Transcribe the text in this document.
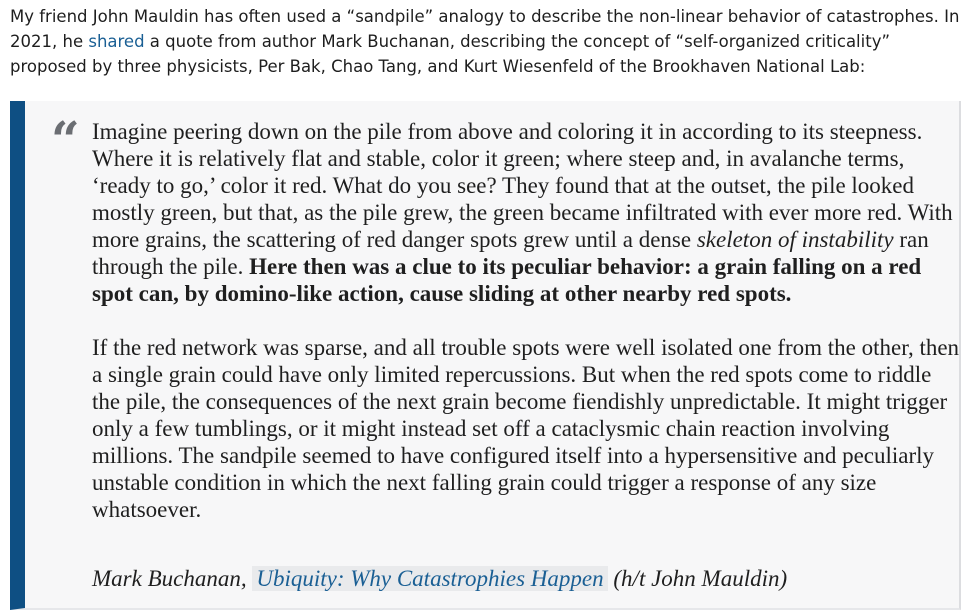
My friend John Mauldin has often used a “sandpile” analogy to describe the non-linear behavior of catastrophes. In 2021, he shared a quote from author Mark Buchanan, describing the concept of “self-organized criticality” proposed by three physicists, Per Bak, Chao Tang, and Kurt Wiesenfeld of the Brookhaven National Lab:

“ Imagine peering down on the pile from above and coloring it in according to its steepness. Where it is relatively flat and stable, color it green; where steep and, in avalanche terms, ‘ready to go,’ color it red. What do you see? They found that at the outset, the pile looked mostly green, but that, as the pile grew, the green became infiltrated with ever more red. With more grains, the scattering of red danger spots grew until a dense skeleton of instability ran through the pile. Here then was a clue to its peculiar behavior: a grain falling on a red spot can, by domino-like action, cause sliding at other nearby red spots.

If the red network was sparse, and all trouble spots were well isolated one from the other, then a single grain could have only limited repercussions. But when the red spots come to riddle the pile, the consequences of the next grain become fiendishly unpredictable. It might trigger only a few tumblings, or it might instead set off a cataclysmic chain reaction involving millions. The sandpile seemed to have configured itself into a hypersensitive and peculiarly unstable condition in which the next falling grain could trigger a response of any size whatsoever.

Mark Buchanan, Ubiquity: Why Catastrophies Happen (h/t John Mauldin)
